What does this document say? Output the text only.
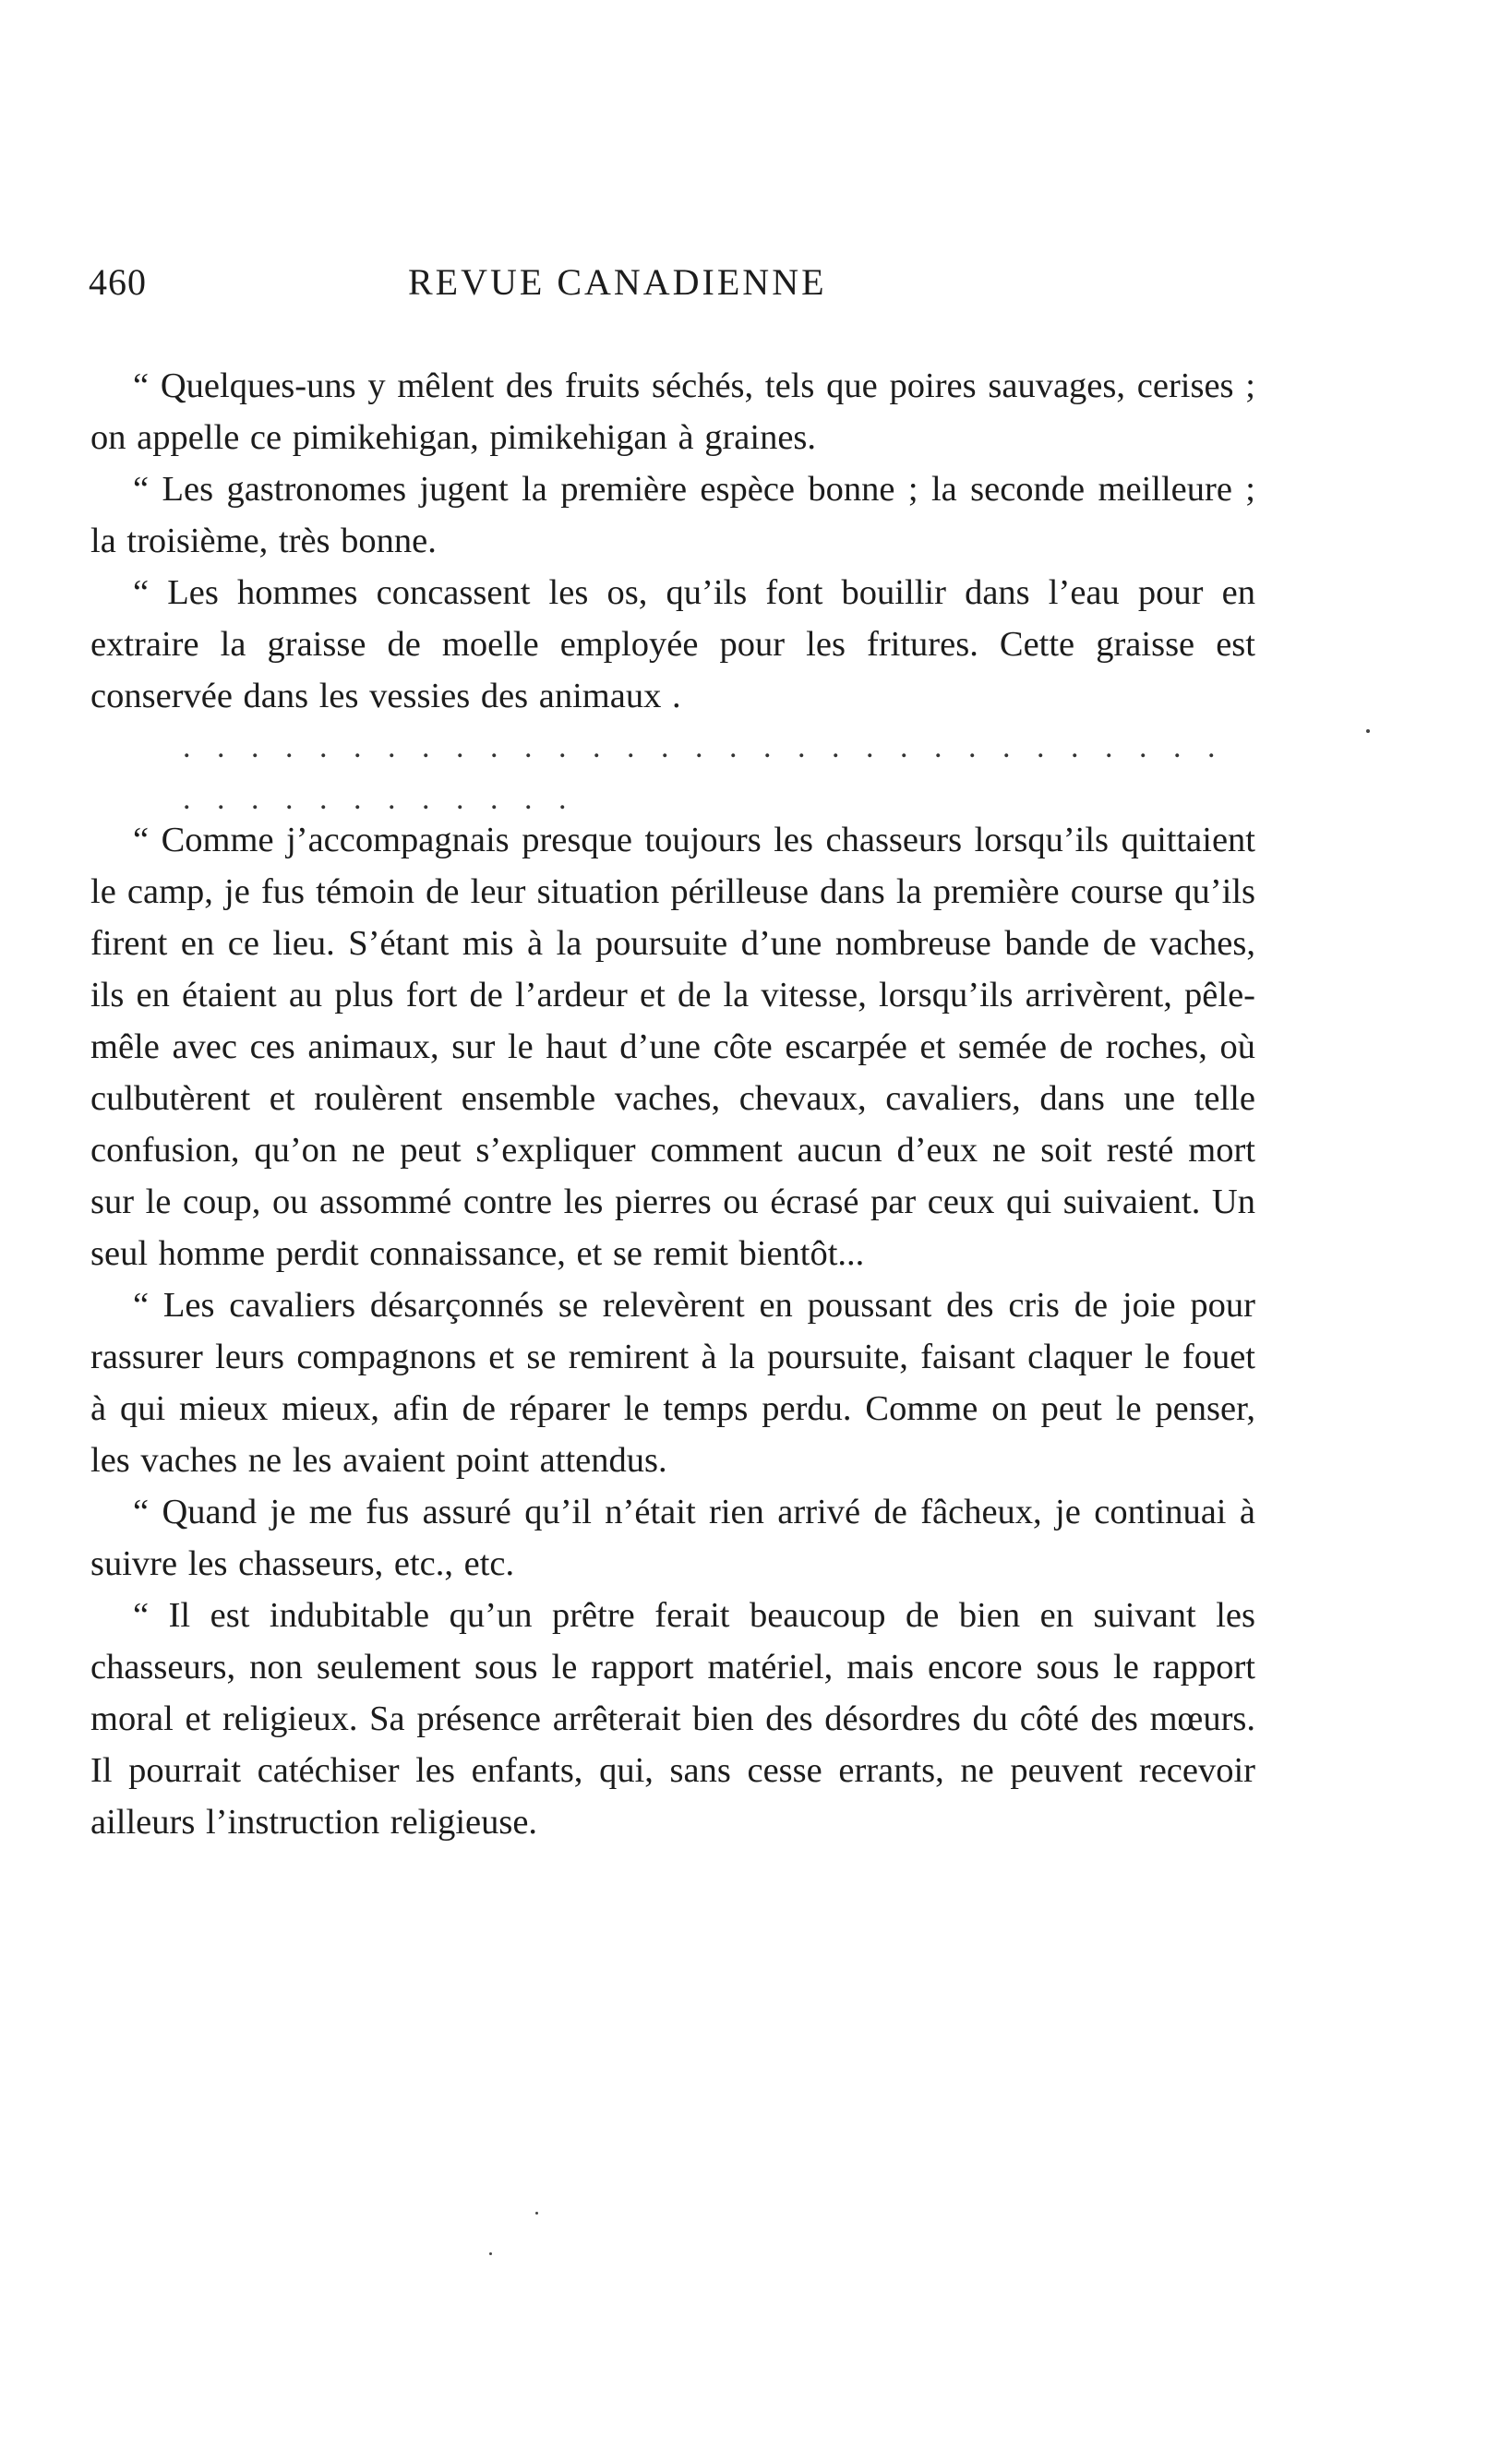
460	REVUE CANADIENNE

“ Quelques-uns y mêlent des fruits séchés, tels que poires sauvages, cerises ; on appelle ce pimikehigan, pimikehigan à graines.

“ Les gastronomes jugent la première espèce bonne ; la seconde meilleure ; la troisième, très bonne.

“ Les hommes concassent les os, qu’ils font bouillir dans l’eau pour en extraire la graisse de moelle employée pour les fritures. Cette graisse est conservée dans les vessies des animaux .

. . . . . . . . . . . . . . . . . . . . . . . . . . . . . . . . . . . . . . . . . . .

“ Comme j’accompagnais presque toujours les chasseurs lorsqu’ils quittaient le camp, je fus témoin de leur situation périlleuse dans la première course qu’ils firent en ce lieu. S’étant mis à la poursuite d’une nombreuse bande de vaches, ils en étaient au plus fort de l’ardeur et de la vitesse, lorsqu’ils arrivèrent, pêle-mêle avec ces animaux, sur le haut d’une côte escarpée et semée de roches, où culbutèrent et roulèrent ensemble vaches, chevaux, cavaliers, dans une telle confusion, qu’on ne peut s’expliquer comment aucun d’eux ne soit resté mort sur le coup, ou assommé contre les pierres ou écrasé par ceux qui suivaient. Un seul homme perdit connaissance, et se remit bientôt...

“ Les cavaliers désarçonnés se relevèrent en poussant des cris de joie pour rassurer leurs compagnons et se remirent à la poursuite, faisant claquer le fouet à qui mieux mieux, afin de réparer le temps perdu. Comme on peut le penser, les vaches ne les avaient point attendus.

“ Quand je me fus assuré qu’il n’était rien arrivé de fâcheux, je continuai à suivre les chasseurs, etc., etc.

“ Il est indubitable qu’un prêtre ferait beaucoup de bien en suivant les chasseurs, non seulement sous le rapport matériel, mais encore sous le rapport moral et religieux. Sa présence arrêterait bien des désordres du côté des mœurs. Il pourrait catéchiser les enfants, qui, sans cesse errants, ne peuvent recevoir ailleurs l’instruction religieuse.
